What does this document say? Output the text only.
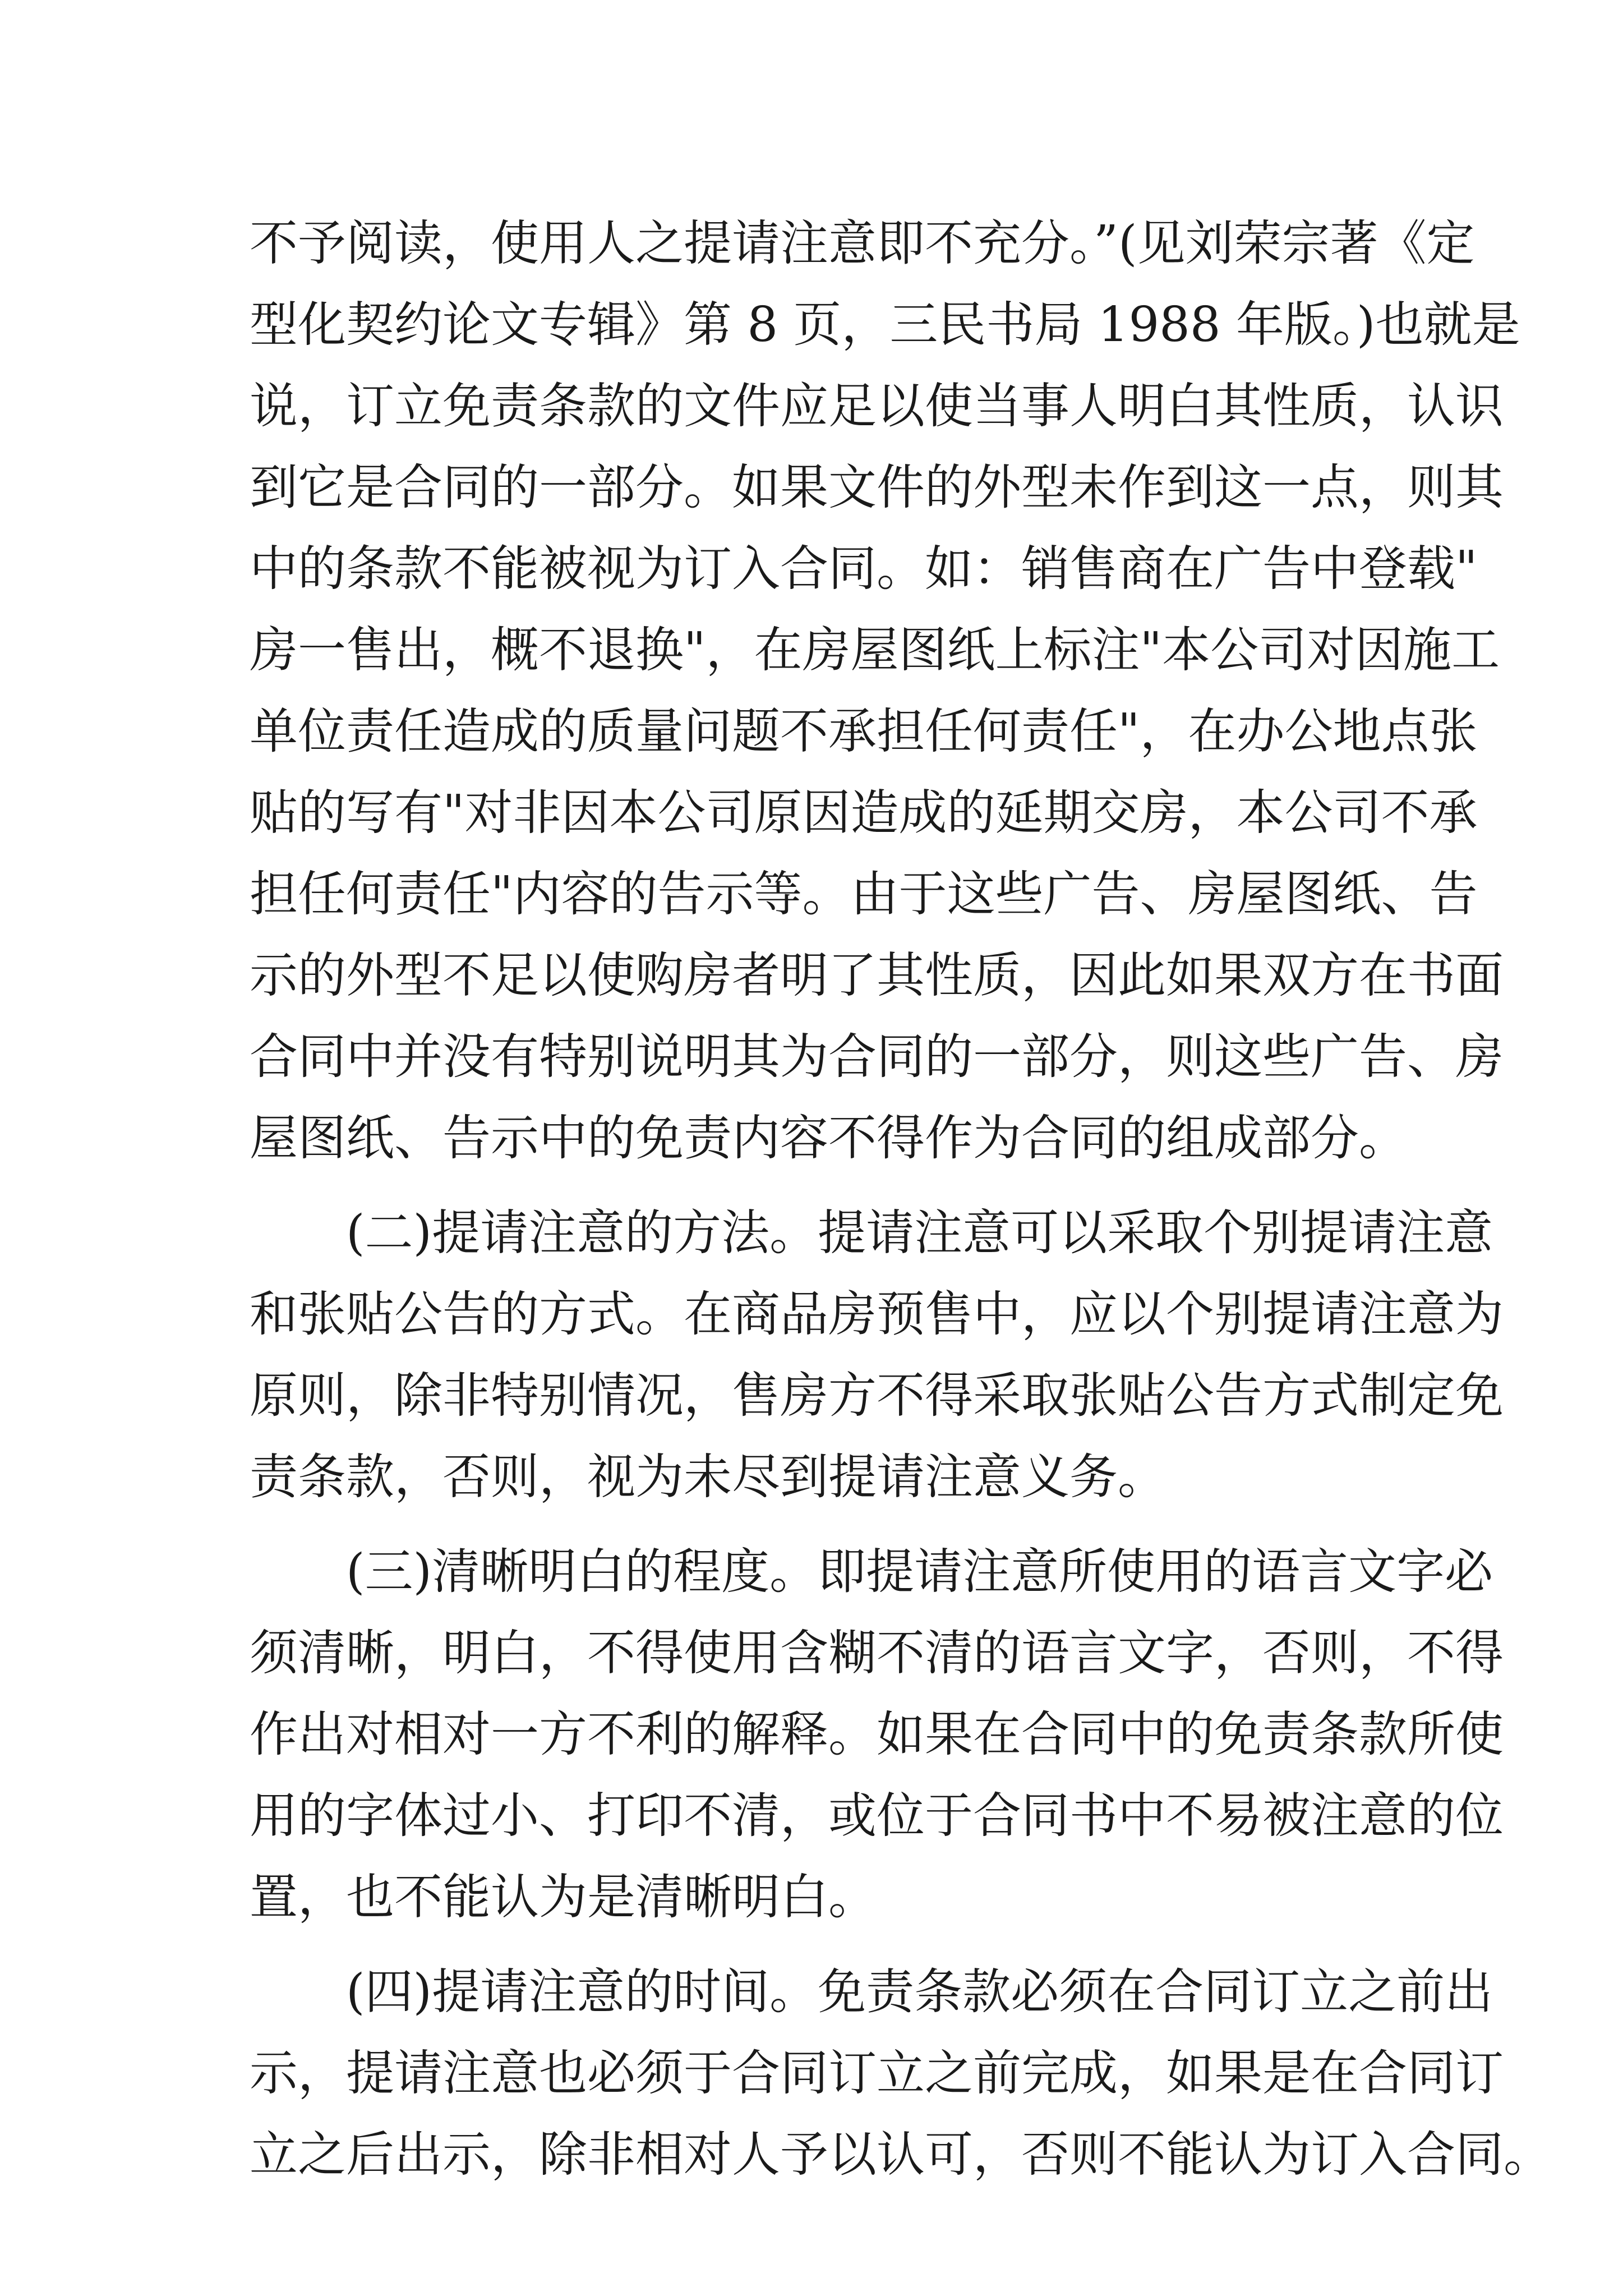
不予阅读，使用人之提请注意即不充分。”(见刘荣宗著《定
型化契约论文专辑》第 8 页，三民书局 1988 年版。)也就是
说，订立免责条款的文件应足以使当事人明白其性质，认识
到它是合同的一部分。如果文件的外型未作到这一点，则其
中的条款不能被视为订入合同。如：销售商在广告中登载"
房一售出，概不退换"，在房屋图纸上标注"本公司对因施工
单位责任造成的质量问题不承担任何责任"，在办公地点张
贴的写有"对非因本公司原因造成的延期交房，本公司不承
担任何责任"内容的告示等。由于这些广告、房屋图纸、告
示的外型不足以使购房者明了其性质，因此如果双方在书面
合同中并没有特别说明其为合同的一部分，则这些广告、房
屋图纸、告示中的免责内容不得作为合同的组成部分。
(二)提请注意的方法。提请注意可以采取个别提请注意
和张贴公告的方式。在商品房预售中，应以个别提请注意为
原则，除非特别情况，售房方不得采取张贴公告方式制定免
责条款，否则，视为未尽到提请注意义务。
(三)清晰明白的程度。即提请注意所使用的语言文字必
须清晰，明白，不得使用含糊不清的语言文字，否则，不得
作出对相对一方不利的解释。如果在合同中的免责条款所使
用的字体过小、打印不清，或位于合同书中不易被注意的位
置，也不能认为是清晰明白。
(四)提请注意的时间。免责条款必须在合同订立之前出
示，提请注意也必须于合同订立之前完成，如果是在合同订
立之后出示，除非相对人予以认可，否则不能认为订入合同。
